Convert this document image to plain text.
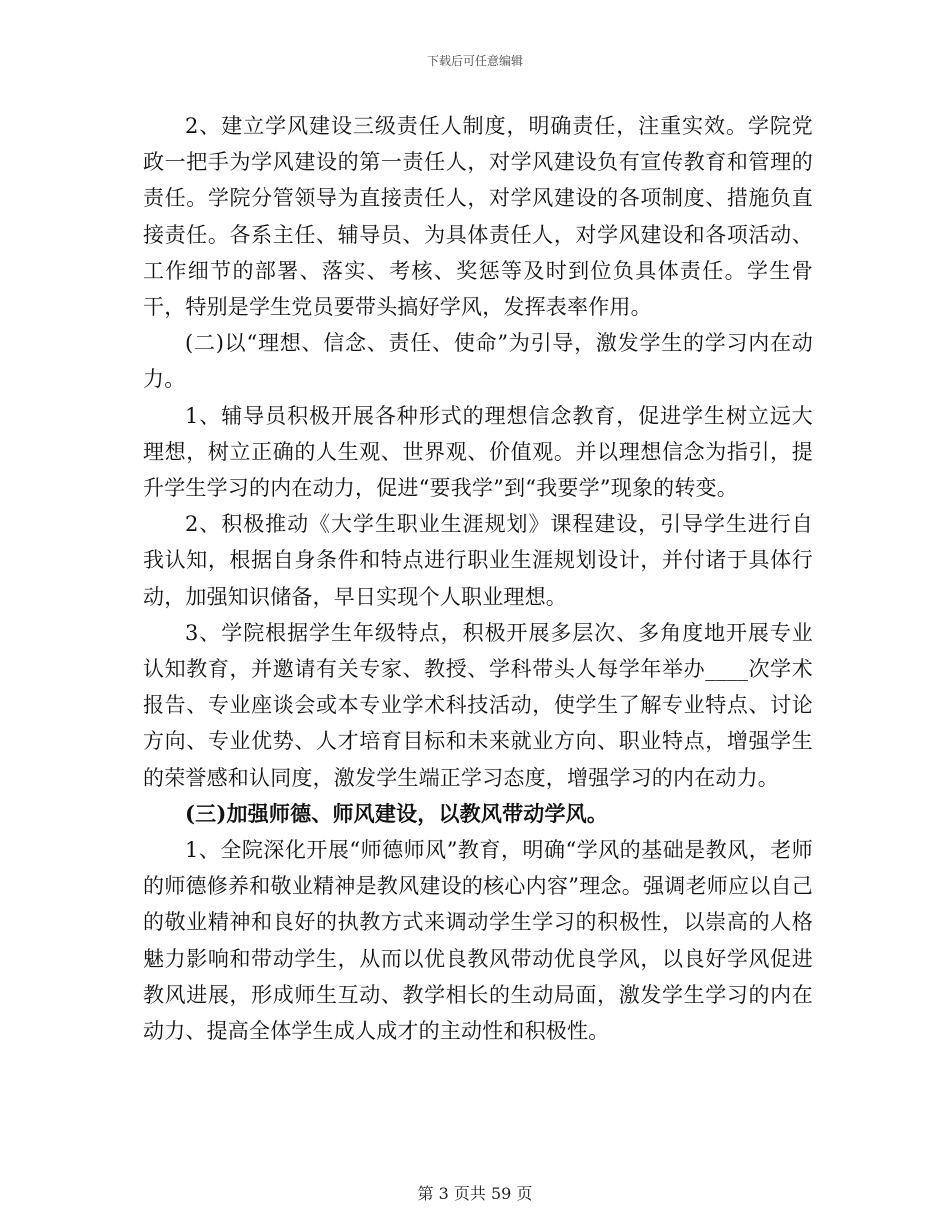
下载后可任意编辑

2、建立学风建设三级责任人制度，明确责任，注重实效。学院党政一把手为学风建设的第一责任人，对学风建设负有宣传教育和管理的责任。学院分管领导为直接责任人，对学风建设的各项制度、措施负直接责任。各系主任、辅导员、为具体责任人，对学风建设和各项活动、工作细节的部署、落实、考核、奖惩等及时到位负具体责任。学生骨干，特别是学生党员要带头搞好学风，发挥表率作用。

(二)以“理想、信念、责任、使命”为引导，激发学生的学习内在动力。

1、辅导员积极开展各种形式的理想信念教育，促进学生树立远大理想，树立正确的人生观、世界观、价值观。并以理想信念为指引，提升学生学习的内在动力，促进“要我学”到“我要学”现象的转变。

2、积极推动《大学生职业生涯规划》课程建设，引导学生进行自我认知，根据自身条件和特点进行职业生涯规划设计，并付诸于具体行动，加强知识储备，早日实现个人职业理想。

3、学院根据学生年级特点，积极开展多层次、多角度地开展专业认知教育，并邀请有关专家、教授、学科带头人每学年举办____次学术报告、专业座谈会或本专业学术科技活动，使学生了解专业特点、讨论方向、专业优势、人才培育目标和未来就业方向、职业特点，增强学生的荣誉感和认同度，激发学生端正学习态度，增强学习的内在动力。

(三)加强师德、师风建设，以教风带动学风。

1、全院深化开展“师德师风”教育，明确“学风的基础是教风，老师的师德修养和敬业精神是教风建设的核心内容”理念。强调老师应以自己的敬业精神和良好的执教方式来调动学生学习的积极性，以崇高的人格魅力影响和带动学生，从而以优良教风带动优良学风，以良好学风促进教风进展，形成师生互动、教学相长的生动局面，激发学生学习的内在动力、提高全体学生成人成才的主动性和积极性。

第 3 页共 59 页
